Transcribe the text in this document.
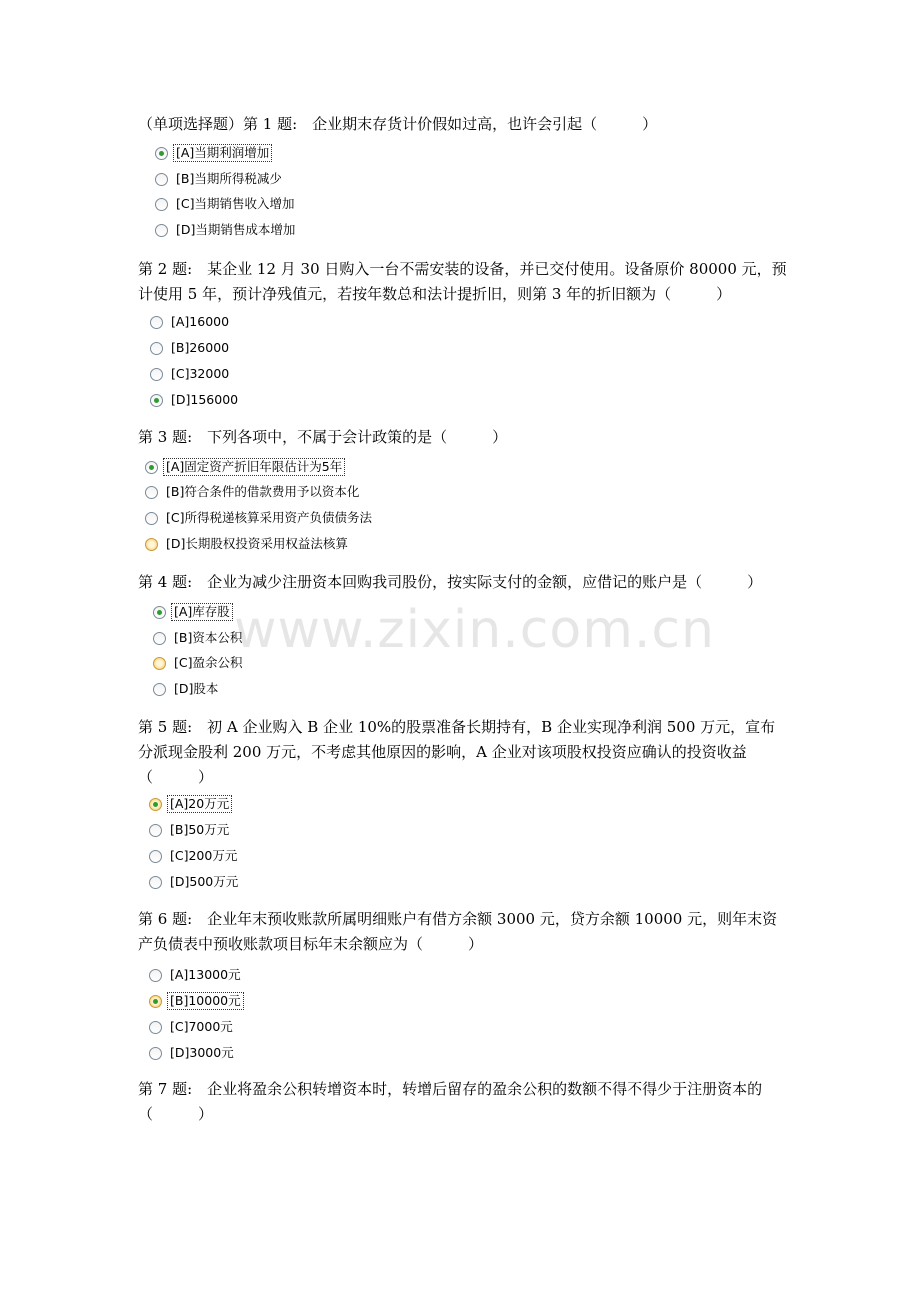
www.zixin.com.cn
（单项选择题）第 1 题:　企业期末存货计价假如过高，也许会引起（　　　）
[A]当期利润增加
[B]当期所得税减少
[C]当期销售收入增加
[D]当期销售成本增加
第 2 题:　某企业 12 月 30 日购入一台不需安装的设备，并已交付使用。设备原价 80000 元，预计使用 5 年，预计净残值元，若按年数总和法计提折旧，则第 3 年的折旧额为（　　　）
[A]16000
[B]26000
[C]32000
[D]156000
第 3 题:　下列各项中，不属于会计政策的是（　　　）
[A]固定资产折旧年限估计为5年
[B]符合条件的借款费用予以资本化
[C]所得税递核算采用资产负债债务法
[D]长期股权投资采用权益法核算
第 4 题:　企业为减少注册资本回购我司股份，按实际支付的金额，应借记的账户是（　　　）
[A]库存股
[B]资本公积
[C]盈余公积
[D]股本
第 5 题:　初 A 企业购入 B 企业 10%的股票准备长期持有，B 企业实现净利润 500 万元，宣布分派现金股利 200 万元，不考虑其他原因的影响，A 企业对该项股权投资应确认的投资收益（　　　）
[A]20万元
[B]50万元
[C]200万元
[D]500万元
第 6 题:　企业年末预收账款所属明细账户有借方余额 3000 元，贷方余额 10000 元，则年末资产负债表中预收账款项目标年末余额应为（　　　）
[A]13000元
[B]10000元
[C]7000元
[D]3000元
第 7 题:　企业将盈余公积转增资本时，转增后留存的盈余公积的数额不得不得少于注册资本的（　　　）
